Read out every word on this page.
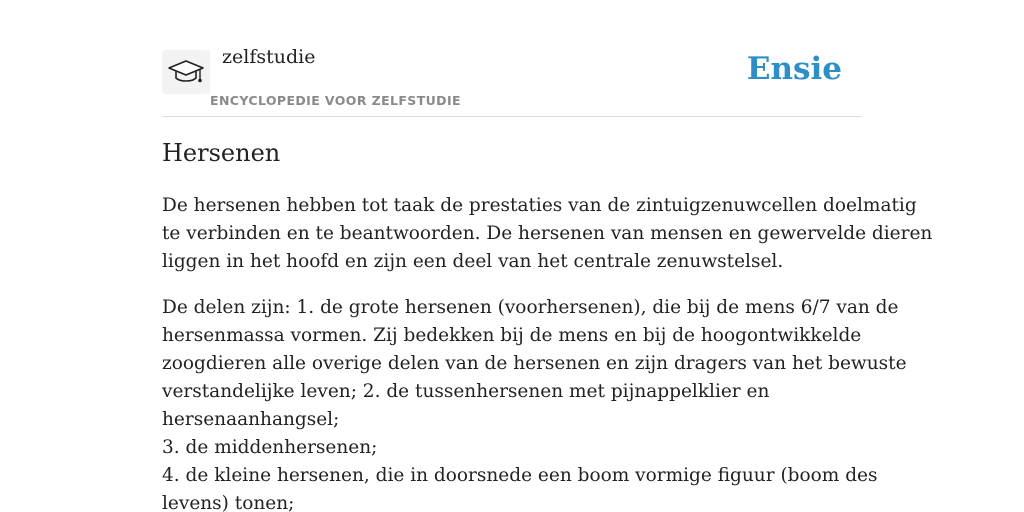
zelfstudie
ENCYCLOPEDIE VOOR ZELFSTUDIE
Ensie
Hersenen

De hersenen hebben tot taak de prestaties van de zintuigzenuwcellen doelmatig
te verbinden en te beantwoorden. De hersenen van mensen en gewervelde dieren
liggen in het hoofd en zijn een deel van het centrale zenuwstelsel.

De delen zijn: 1. de grote hersenen (voorhersenen), die bij de mens 6/7 van de
hersenmassa vormen. Zij bedekken bij de mens en bij de hoogontwikkelde
zoogdieren alle overige delen van de hersenen en zijn dragers van het bewuste
verstandelijke leven; 2. de tussenhersenen met pijnappelklier en
hersenaanhangsel;
3. de middenhersenen;
4. de kleine hersenen, die in doorsnede een boom vormige figuur (boom des
levens) tonen;
